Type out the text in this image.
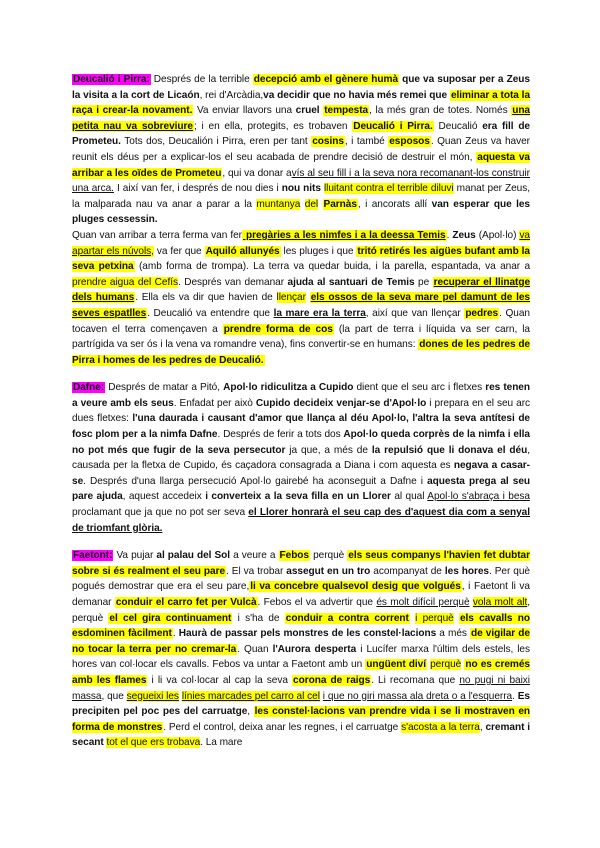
Deucalió i Pirra: Després de la terrible decepció amb el gènere humà que va suposar per a Zeus la visita a la cort de Licaón, rei d'Arcàdia,va decidir que no havia més remei que eliminar a tota la raça i crear-la novament. Va enviar llavors una cruel tempesta, la més gran de totes. Només una petita nau va sobreviure; i en ella, protegits, es trobaven Deucalió i Pirra. Deucalió era fill de Prometeu. Tots dos, Deucalión i Pirra, eren per tant cosins, i també esposos. Quan Zeus va haver reunit els déus per a explicar-los el seu acabada de prendre decisió de destruir el món, aquesta va arribar a les oïdes de Prometeu, qui va donar avís al seu fill i a la seva nora recomanant-los construir una arca. I així van fer, i després de nou dies i nou nits lluitant contra el terrible diluvi manat per Zeus, la malparada nau va anar a parar a la muntanya del Parnàs, i ancorats allí van esperar que les pluges cessessin.

Quan van arribar a terra ferma van fer pregàries a les nimfes i a la deessa Temis. Zeus (Apol·lo) va apartar els núvols, va fer que Aquiló allunyés les pluges i que tritó retirés les aigües bufant amb la seva petxina (amb forma de trompa). La terra va quedar buida, i la parella, espantada, va anar a prendre aigua del Cefís. Després van demanar ajuda al santuari de Temis pe recuperar el llinatge dels humans. Ella els va dir que havien de llençar els ossos de la seva mare pel damunt de les seves espatlles. Deucalió va entendre que la mare era la terra, així que van llençar pedres. Quan tocaven el terra començaven a prendre forma de cos (la part de terra i líquida va ser carn, la partrígida va ser ós i la vena va romandre vena), fins convertir-se en humans: dones de les pedres de Pirra i homes de les pedres de Deucalió.

Dafne: Després de matar a Pitó, Apol·lo ridiculitza a Cupido dient que el seu arc i fletxes res tenen a veure amb els seus. Enfadat per això Cupido decideix venjar-se d'Apol·lo i prepara en el seu arc dues fletxes: l'una daurada i causant d'amor que llança al déu Apol·lo, l'altra la seva antítesi de fosc plom per a la nimfa Dafne. Després de ferir a tots dos Apol·lo queda corprès de la nimfa i ella no pot més que fugir de la seva persecutor ja que, a més de la repulsió que li donava el déu, causada per la fletxa de Cupido, és caçadora consagrada a Diana i com aquesta es negava a casar-se. Després d'una llarga persecució Apol·lo gairebé ha aconseguit a Dafne i aquesta prega al seu pare ajuda, aquest accedeix i converteix a la seva filla en un Llorer al qual Apol·lo s'abraça i besa proclamant que ja que no pot ser seva el Llorer honrarà el seu cap des d'aquest dia com a senyal de triomfant glòria.

Faetont: Va pujar al palau del Sol a veure a Febos perquè els seus companys l'havien fet dubtar sobre si és realment el seu pare. El va trobar assegut en un tro acompanyat de les hores. Per què pogués demostrar que era el seu pare,li va concebre qualsevol desig que volgués, i Faetont li va demanar conduir el carro fet per Vulcà. Febos el va advertir que és molt difícil perquè vola molt alt, perquè el cel gira continuament i s'ha de conduir a contra corrent i perquè els cavalls no esdominen fàcilment. Haurà de passar pels monstres de les constel·lacions a més de vigilar de no tocar la terra per no cremar-la. Quan l'Aurora desperta i Lucífer marxa l'últim dels estels, les hores van col·locar els cavalls. Febos va untar a Faetont amb un ungüent diví perquè no es cremés amb les flames i li va col·locar al cap la seva corona de raigs. Li recomana que no pugi ni baixi massa, que segueixi les línies marcades pel carro al cel i que no giri massa ala dreta o a l'esquerra. Es precipiten pel poc pes del carruatge, les constel·lacions van prendre vida i se li mostraven en forma de monstres. Perd el control, deixa anar les regnes, i el carruatge s'acosta a la terra, cremant i secant tot el que ers trobava. La mare
